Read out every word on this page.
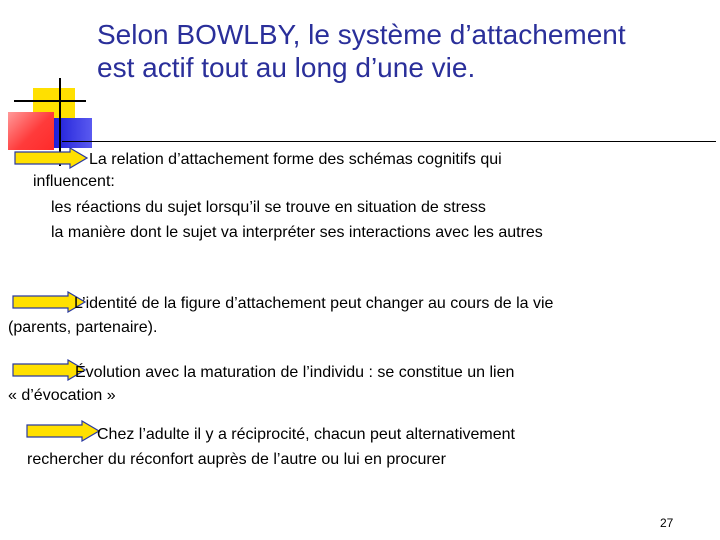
Selon BOWLBY, le système d’attachement
est actif tout au long d’une vie.
La relation d’attachement forme des schémas cognitifs qui
influencent:
les réactions du sujet lorsqu’il se trouve en situation de stress
la manière dont le sujet va interpréter ses interactions avec les autres
L’identité de la figure d’attachement peut changer au cours de la vie
(parents, partenaire).
Évolution avec la maturation de l’individu : se constitue un lien
« d’évocation »
Chez l’adulte il y a réciprocité, chacun peut alternativement
rechercher du réconfort auprès de l’autre ou lui en procurer
27
